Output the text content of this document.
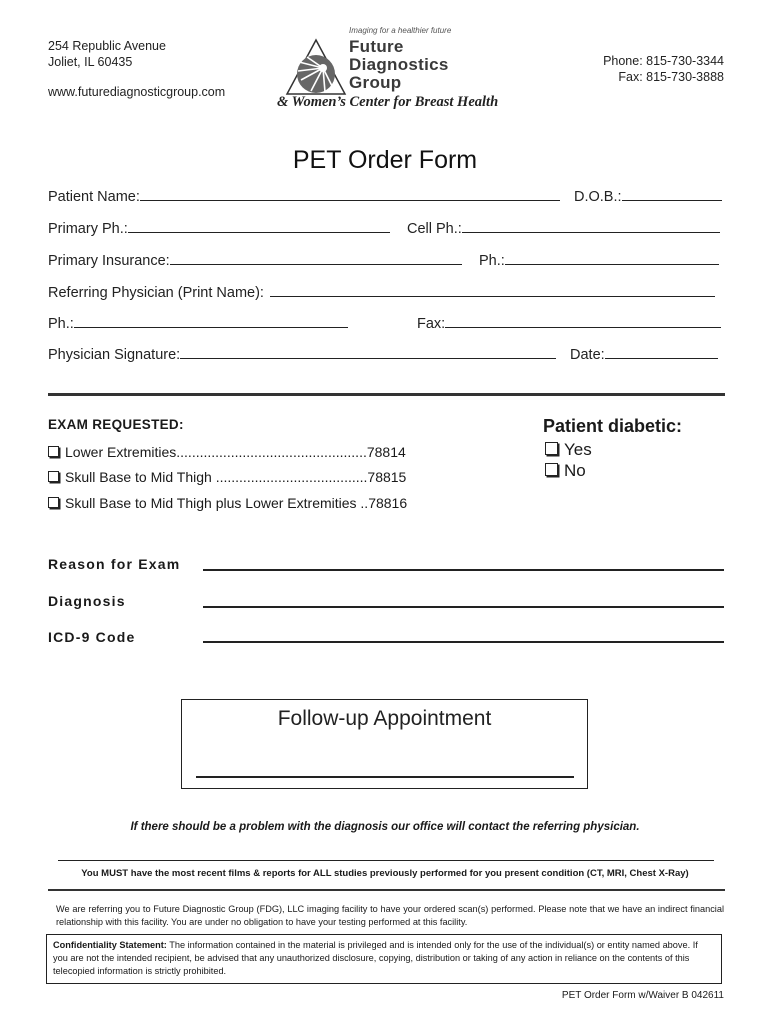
254 Republic Avenue
Joliet, IL 60435
www.futurediagnosticgroup.com
Phone: 815-730-3344
Fax: 815-730-3888
Imaging for a healthier future
Future
Diagnostics
Group
& Women’s Center for Breast Health
PET Order Form
Patient Name:	D.O.B.:
Primary Ph.:	Cell Ph.:
Primary Insurance:	Ph.:
Referring Physician (Print Name):
Ph.:	Fax:
Physician Signature:	Date:
EXAM REQUESTED:
Lower Extremities.................................................78814
Skull Base to Mid Thigh .......................................78815
Skull Base to Mid Thigh plus Lower Extremities ..78816
Patient diabetic:
Yes
No
Reason for Exam
Diagnosis
ICD-9 Code
Follow-up Appointment
If there should be a problem with the diagnosis our office will contact the referring physician.
You MUST have the most recent films & reports for ALL studies previously performed for you present condition (CT, MRI, Chest X-Ray)
We are referring you to Future Diagnostic Group (FDG), LLC imaging facility to have your ordered scan(s) performed. Please note that we have an indirect financial relationship with this facility. You are under no obligation to have your testing performed at this facility.
Confidentiality Statement: The information contained in the material is privileged and is intended only for the use of the individual(s) or entity named above. If you are not the intended recipient, be advised that any unauthorized disclosure, copying, distribution or taking of any action in reliance on the contents of this telecopied information is strictly prohibited.
PET Order Form w/Waiver B 042611
